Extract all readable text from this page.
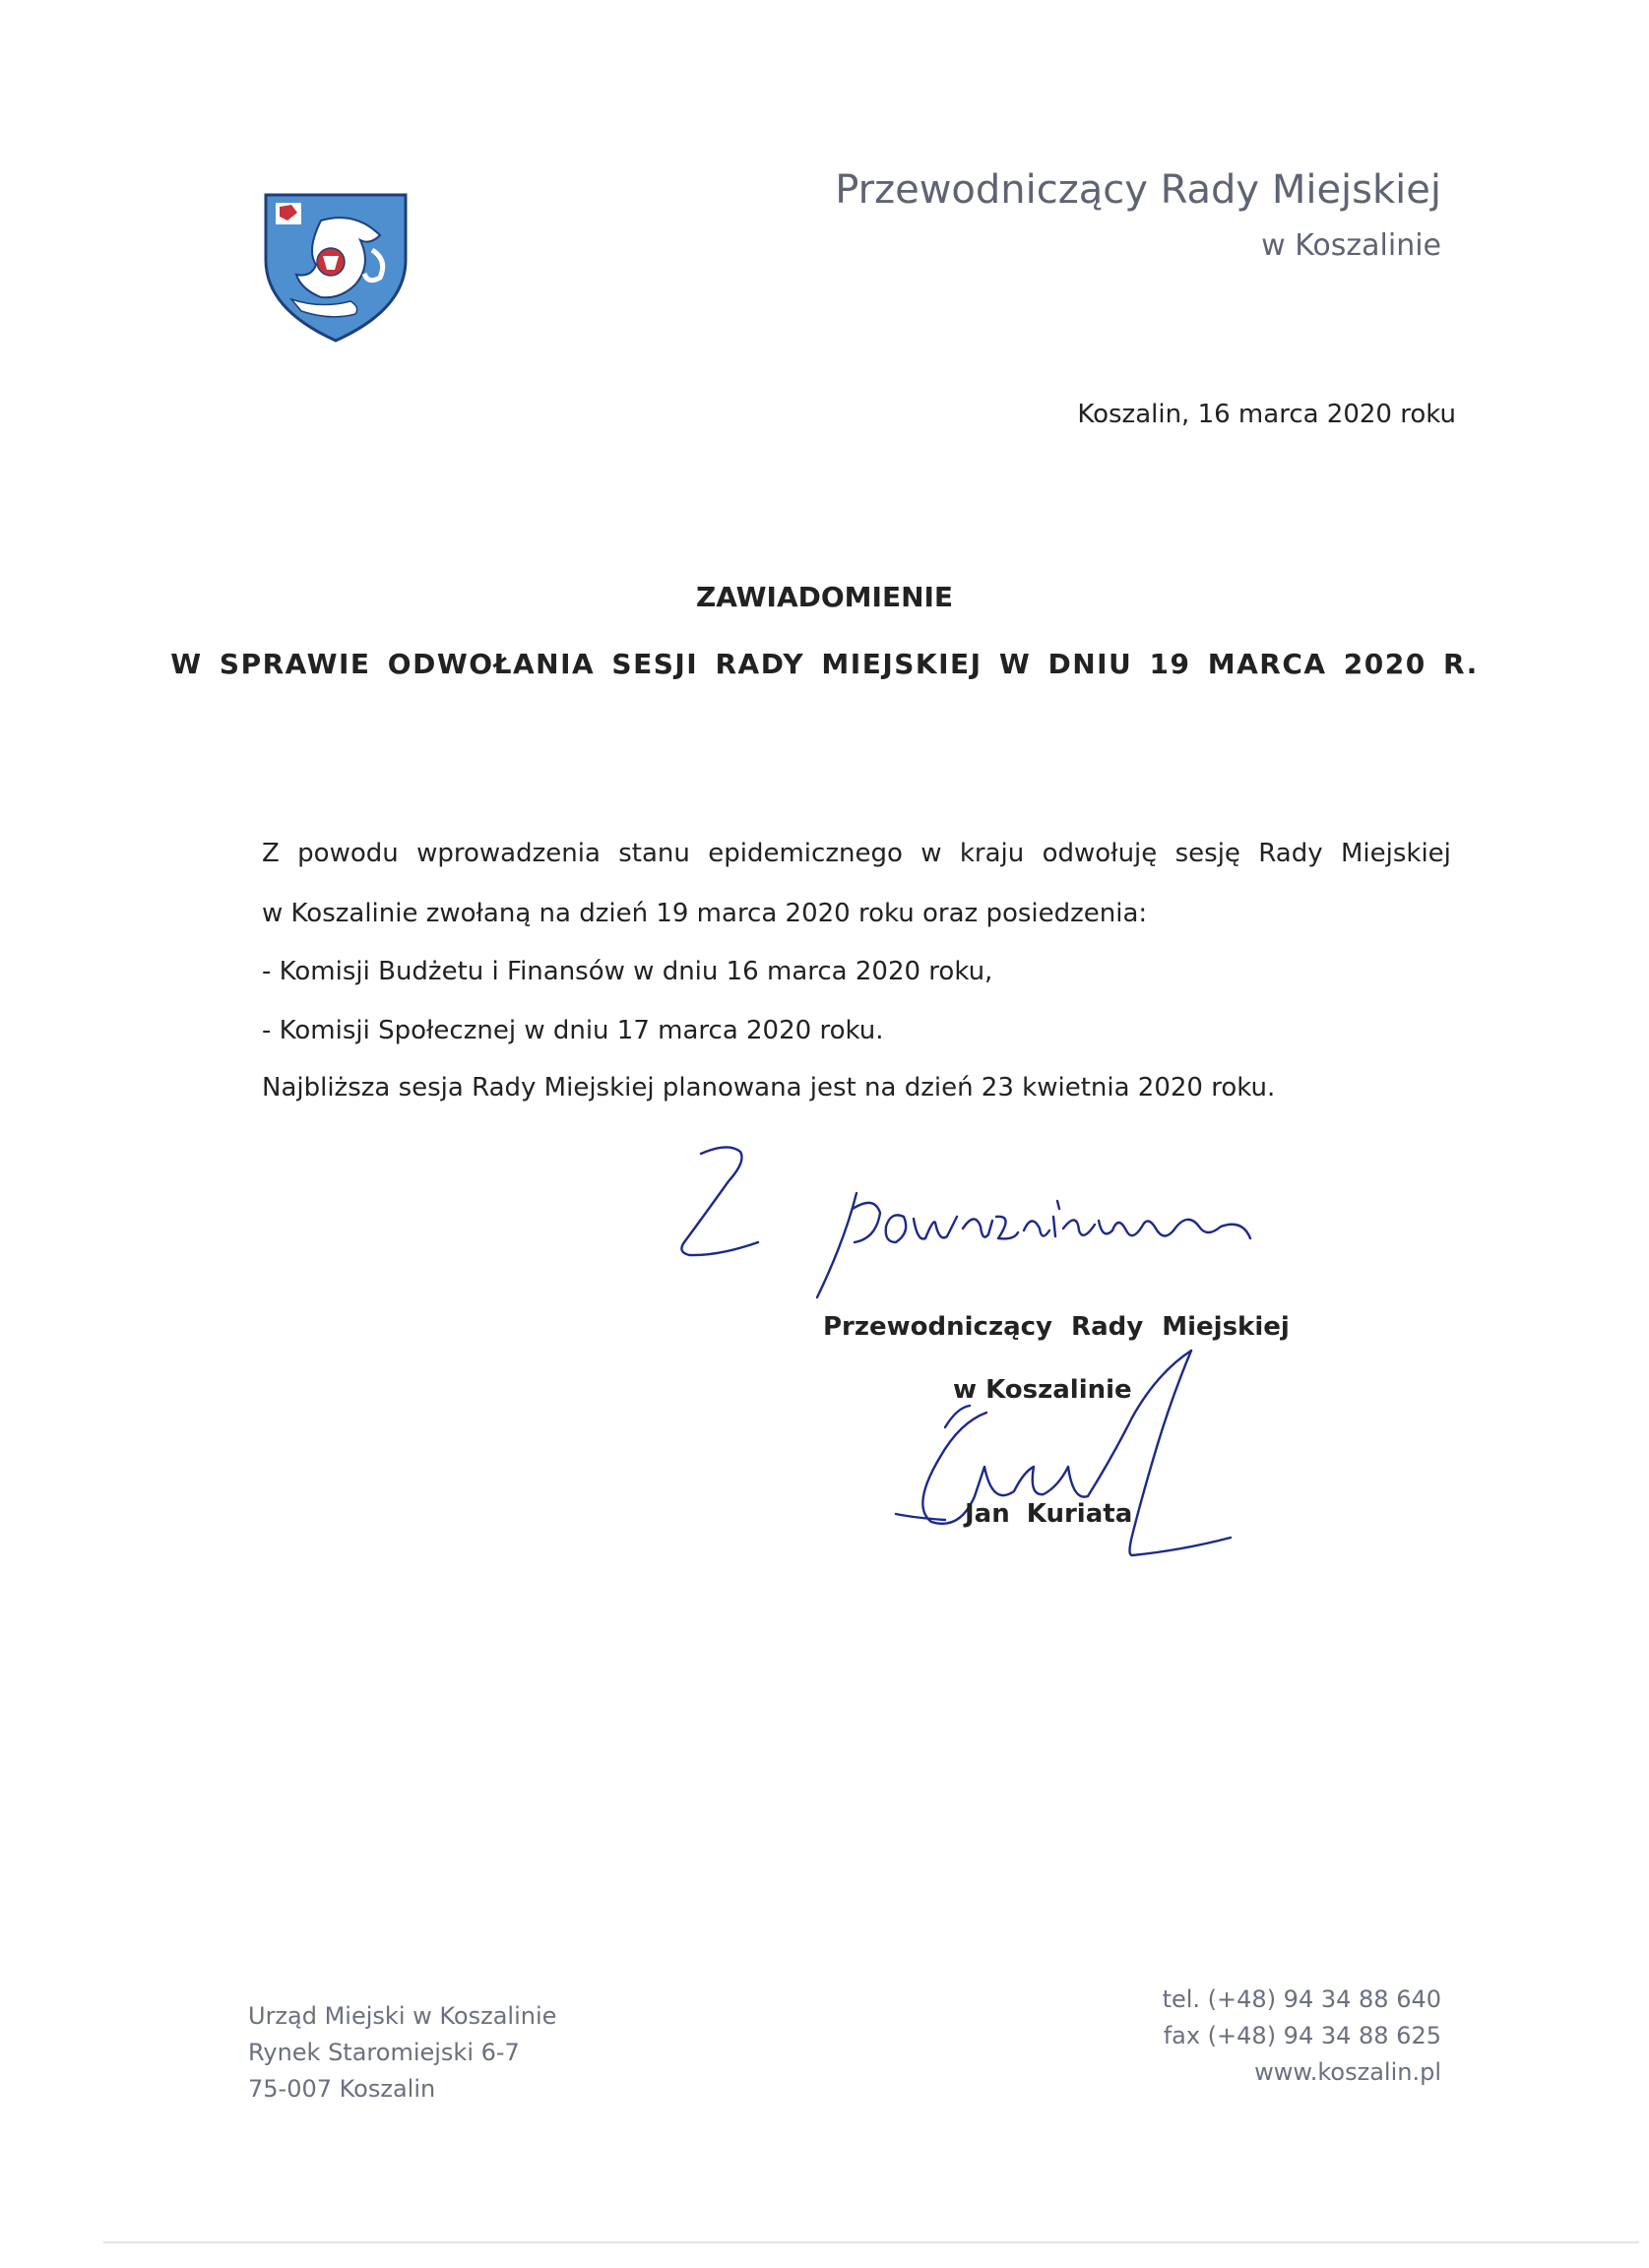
Przewodniczący Rady Miejskiej
w Koszalinie
Koszalin, 16 marca 2020 roku
ZAWIADOMIENIE
W SPRAWIE ODWOŁANIA SESJI RADY MIEJSKIEJ W DNIU 19 MARCA 2020 R.
Z powodu wprowadzenia stanu epidemicznego w kraju odwołuję sesję Rady Miejskiej
w Koszalinie zwołaną na dzień 19 marca 2020 roku oraz posiedzenia:
- Komisji Budżetu i Finansów w dniu 16 marca 2020 roku,
- Komisji Społecznej w dniu 17 marca 2020 roku.
Najbliższa sesja Rady Miejskiej planowana jest na dzień 23 kwietnia 2020 roku.
Przewodniczący Rady Miejskiej
w Koszalinie
Jan Kuriata
Urząd Miejski w Koszalinie
Rynek Staromiejski 6-7
75-007 Koszalin
tel. (+48) 94 34 88 640
fax (+48) 94 34 88 625
www.koszalin.pl
